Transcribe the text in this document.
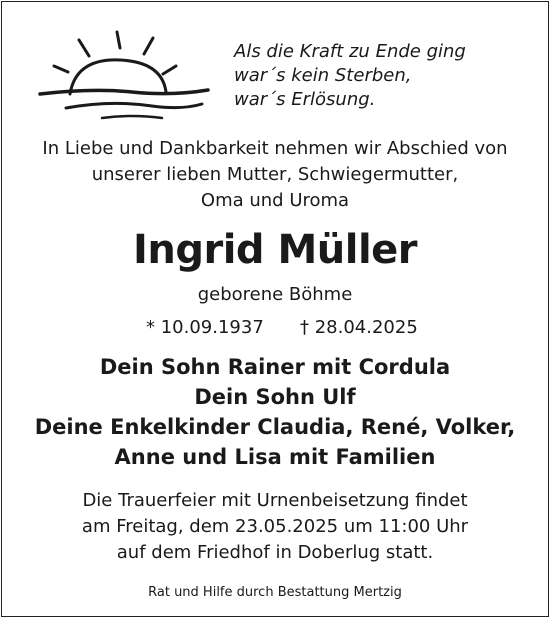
Als die Kraft zu Ende ging
war´s kein Sterben,
war´s Erlösung.
In Liebe und Dankbarkeit nehmen wir Abschied von
unserer lieben Mutter, Schwiegermutter,
Oma und Uroma
Ingrid Müller
geborene Böhme
* 10.09.1937 † 28.04.2025
Dein Sohn Rainer mit Cordula
Dein Sohn Ulf
Deine Enkelkinder Claudia, René, Volker,
Anne und Lisa mit Familien
Die Trauerfeier mit Urnenbeisetzung findet
am Freitag, dem 23.05.2025 um 11:00 Uhr
auf dem Friedhof in Doberlug statt.
Rat und Hilfe durch Bestattung Mertzig
